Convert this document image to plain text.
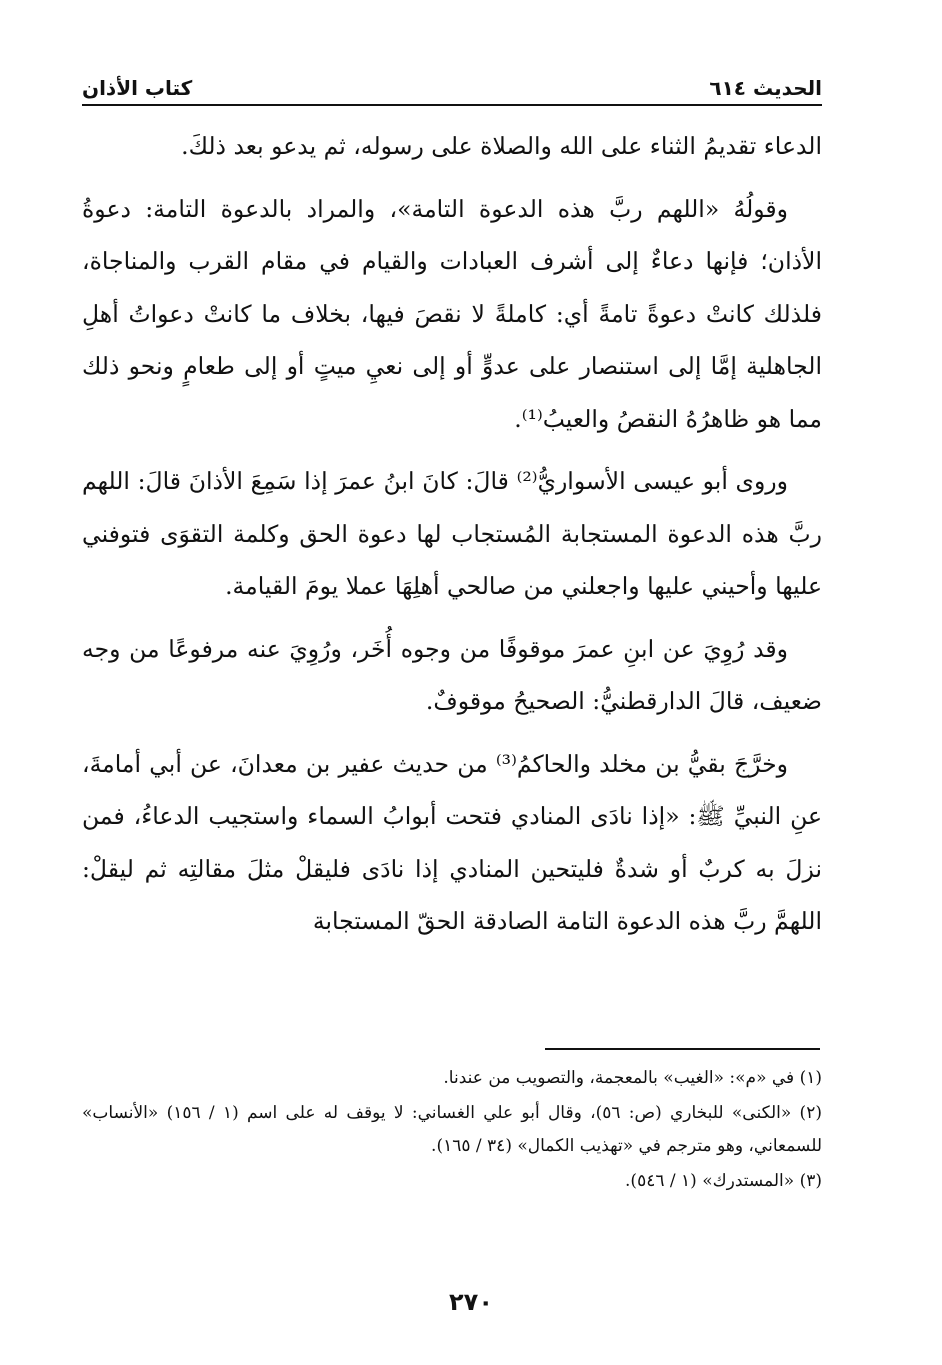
الحديث ٦١٤
كتاب الأذان

الدعاء تقديمُ الثناء على الله والصلاة على رسوله، ثم يدعو بعد ذلكَ.

وقولُهُ «اللهم ربَّ هذه الدعوة التامة»، والمراد بالدعوة التامة: دعوةُ الأذان؛ فإنها دعاءٌ إلى أشرف العبادات والقيام في مقام القرب والمناجاة، فلذلك كانتْ دعوةً تامةً أي: كاملةً لا نقصَ فيها، بخلاف ما كانتْ دعواتُ أهلِ الجاهلية إمَّا إلى استنصار على عدوٍّ أو إلى نعيِ ميتٍ أو إلى طعامٍ ونحو ذلك مما هو ظاهرُهُ النقصُ والعيبُ⁽¹⁾.

وروى أبو عيسى الأسواريُّ⁽²⁾ قالَ: كانَ ابنُ عمرَ إذا سَمِعَ الأذانَ قالَ: اللهم ربَّ هذه الدعوة المستجابة المُستجاب لها دعوة الحق وكلمة التقوَى فتوفني عليها وأحيني عليها واجعلني من صالحي أهلِهَا عملا يومَ القيامة.

وقد رُوِيَ عن ابنِ عمرَ موقوفًا من وجوه أُخَر، ورُوِيَ عنه مرفوعًا من وجه ضعيف، قالَ الدارقطنيُّ: الصحيحُ موقوفٌ.

وخرَّجَ بقيُّ بن مخلد والحاكمُ⁽³⁾ من حديث عفير بن معدانَ، عن أبي أمامةَ، عنِ النبيِّ ﷺ: «إذا نادَى المنادي فتحت أبوابُ السماء واستجيب الدعاءُ، فمن نزلَ به كربٌ أو شدةٌ فليتحين المنادي إذا نادَى فليقلْ مثلَ مقالتِه ثم ليقلْ: اللهمَّ ربَّ هذه الدعوة التامة الصادقة الحقّ المستجابة

(١) في «م»: «الغيب» بالمعجمة، والتصويب من عندنا.

(٢) «الكنى» للبخاري (ص: ٥٦)، وقال أبو علي الغساني: لا يوقف له على اسم (١ / ١٥٦) «الأنساب» للسمعاني، وهو مترجم في «تهذيب الكمال» (٣٤ / ١٦٥).

(٣) «المستدرك» (١ / ٥٤٦).

٢٧٠
